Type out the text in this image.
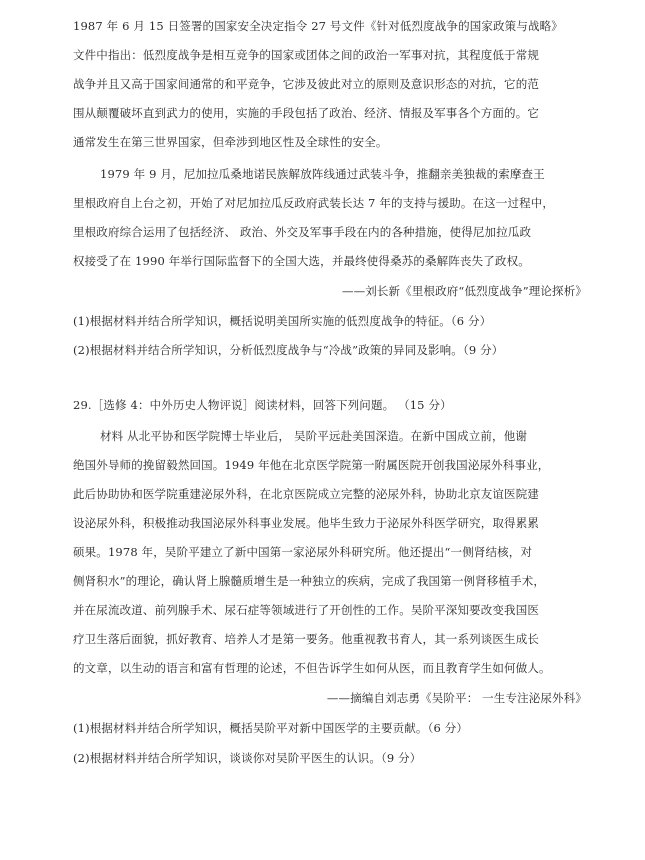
1987 年 6 月 15 日签署的国家安全决定指令 27 号文件《针对低烈度战争的国家政策与战略》
文件中指出：低烈度战争是相互竞争的国家或团体之间的政治一军事对抗，其程度低于常规
战争并且又高于国家间通常的和平竞争，它涉及彼此对立的原则及意识形态的对抗，它的范
围从颠覆破坏直到武力的使用，实施的手段包括了政治、经济、情报及军事各个方面的。它
通常发生在第三世界国家，但牵涉到地区性及全球性的安全。
1979 年 9 月，尼加拉瓜桑地诺民族解放阵线通过武装斗争，推翻亲美独裁的索摩查王
里根政府自上台之初，开始了对尼加拉瓜反政府武装长达 7 年的支持与援助。在这一过程中，
里根政府综合运用了包括经济、 政治、外交及军事手段在内的各种措施，使得尼加拉瓜政
权接受了在 1990 年举行国际监督下的全国大选，并最终使得桑苏的桑解阵丧失了政权。
——刘长新《里根政府“低烈度战争”理论探析》
(1)根据材料并结合所学知识，概括说明美国所实施的低烈度战争的特征。（6 分）
(2)根据材料并结合所学知识，分析低烈度战争与“冷战”政策的异同及影响。（9 分）
29.［选修 4：中外历史人物评说］阅读材料，回答下列问题。 （15 分）
材料 从北平协和医学院博士毕业后， 吴阶平远赴美国深造。在新中国成立前，他谢
绝国外导师的挽留毅然回国。1949 年他在北京医学院第一附属医院开创我国泌尿外科事业，
此后协助协和医学院重建泌尿外科，在北京医院成立完整的泌尿外科，协助北京友谊医院建
设泌尿外科，积极推动我国泌尿外科事业发展。他毕生致力于泌尿外科医学研究，取得累累
硕果。1978 年，吴阶平建立了新中国第一家泌尿外科研究所。他还提出“一侧肾结核，对
侧肾积水”的理论，确认肾上腺髓质增生是一种独立的疾病，完成了我国第一例肾移植手术，
并在尿流改道、前列腺手术、尿石症等领域进行了开创性的工作。吴阶平深知要改变我国医
疗卫生落后面貌，抓好教育、培养人才是第一要务。他重视教书育人，其一系列谈医生成长
的文章，以生动的语言和富有哲理的论述，不但告诉学生如何从医，而且教育学生如何做人。
——摘编自刘志勇《吴阶平： 一生专注泌尿外科》
(1)根据材料并结合所学知识，概括吴阶平对新中国医学的主要贡献。（6 分）
(2)根据材料并结合所学知识，谈谈你对吴阶平医生的认识。（9 分）
